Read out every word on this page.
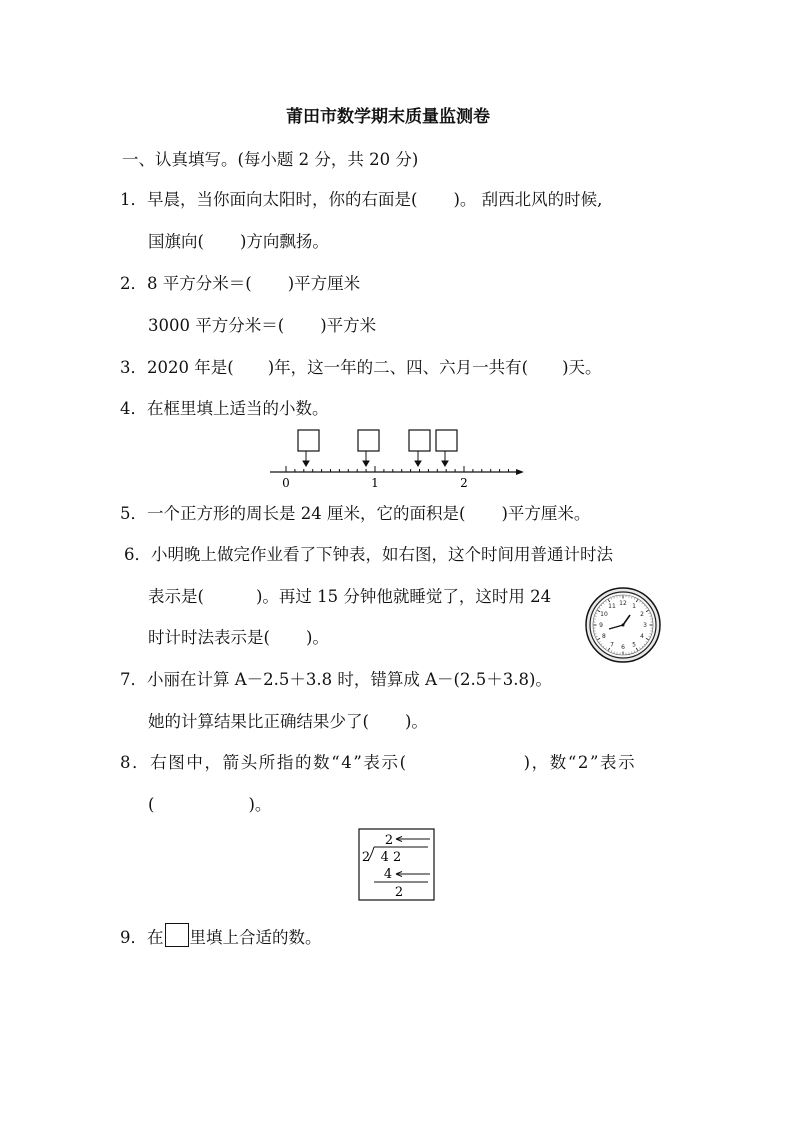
莆田市数学期末质量监测卷
一、认真填写。(每小题 2 分，共 20 分)
1．早晨，当你面向太阳时，你的右面是( )。 刮西北风的时候,
国旗向( )方向飘扬。
2．8 平方分米＝( )平方厘米
3000 平方分米＝( )平方米
3．2020 年是( )年，这一年的二、四、六月一共有( )天。
4．在框里填上适当的小数。
0	1	2
5．一个正方形的周长是 24 厘米，它的面积是( )平方厘米。
6．小明晚上做完作业看了下钟表，如右图，这个时间用普通计时法
表示是(	)。再过 15 分钟他就睡觉了，这时用 24
时计时法表示是( )。
1
2
3
4
5
6
7
8
9
10
11 12
7．小丽在计算 A－2.5＋3.8 时，错算成 A－(2.5＋3.8)。
她的计算结果比正确结果少了( )。
8．右图中，箭头所指的数“4”表示(	)，数“2”表示
(	)。
2
2 4 2
4
2
9．在 里填上合适的数。
